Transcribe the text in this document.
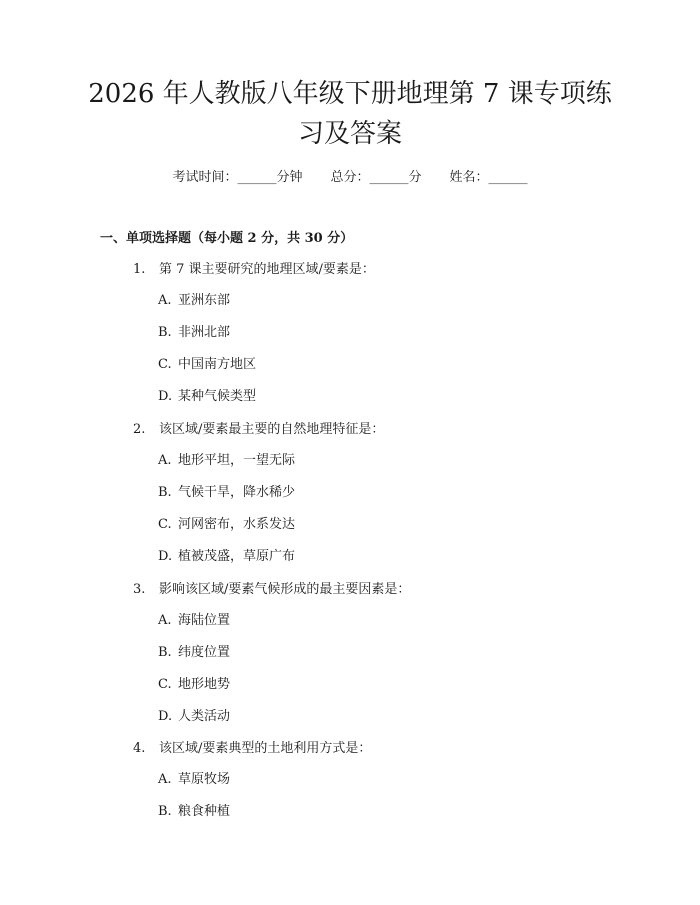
2026 年人教版八年级下册地理第 7 课专项练
习及答案
考试时间：______分钟 总分：______分 姓名：______
一、单项选择题（每小题 2 分，共 30 分）
1. 第 7 课主要研究的地理区域/要素是：
A. 亚洲东部
B. 非洲北部
C. 中国南方地区
D. 某种气候类型
2. 该区域/要素最主要的自然地理特征是：
A. 地形平坦，一望无际
B. 气候干旱，降水稀少
C. 河网密布，水系发达
D. 植被茂盛，草原广布
3. 影响该区域/要素气候形成的最主要因素是：
A. 海陆位置
B. 纬度位置
C. 地形地势
D. 人类活动
4. 该区域/要素典型的土地利用方式是：
A. 草原牧场
B. 粮食种植
